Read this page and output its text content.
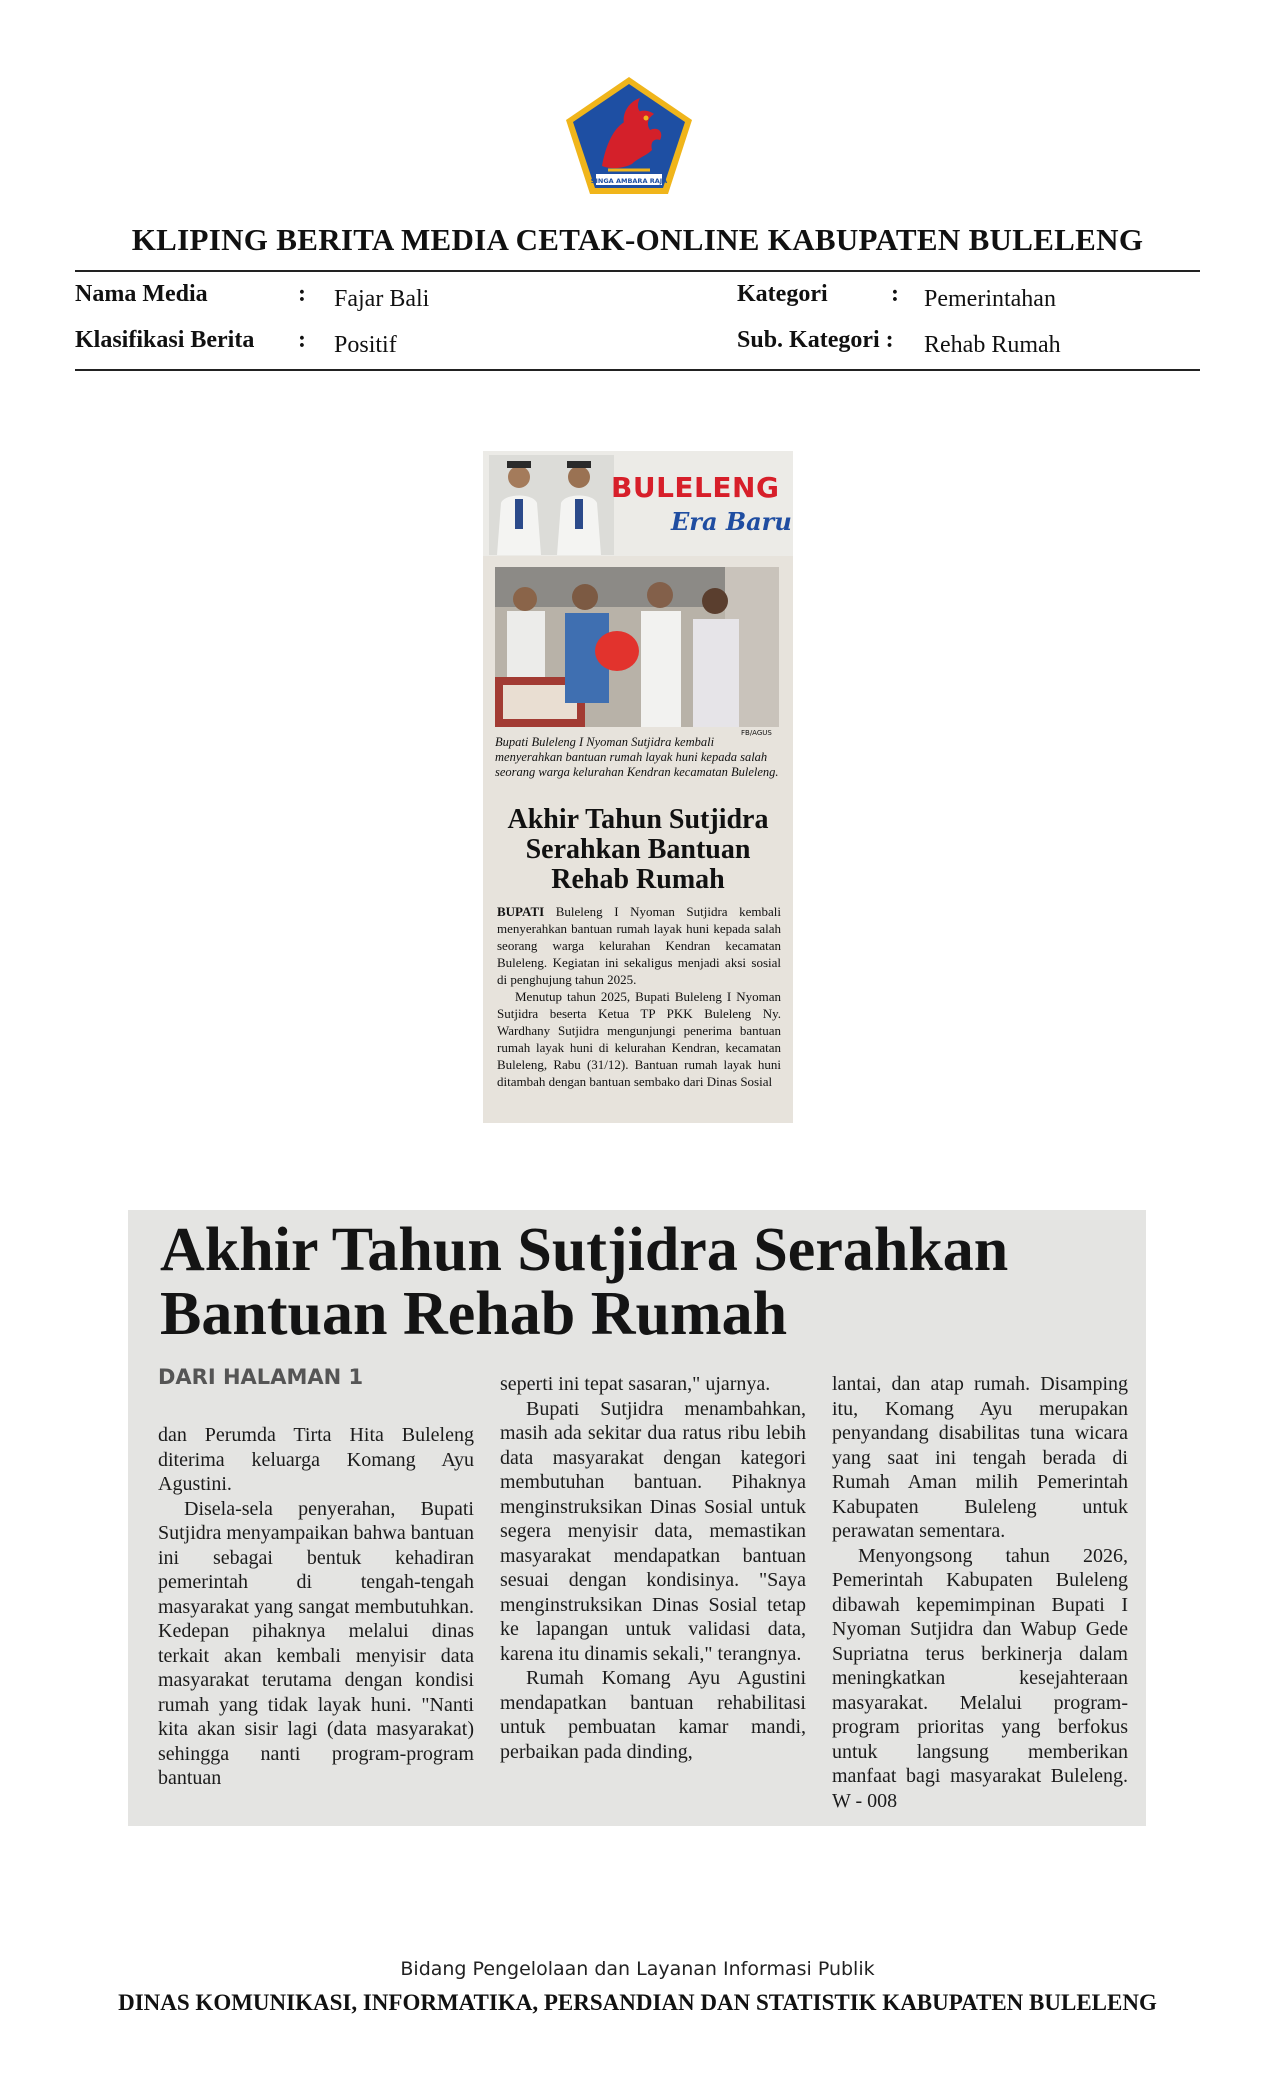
SINGA AMBARA RAJA
KLIPING BERITA MEDIA CETAK-ONLINE KABUPATEN BULELENG
Nama Media	: Fajar Bali
Klasifikasi Berita : Positif
Kategori	: Pemerintahan
Sub. Kategori : Rehab Rumah
BULELENG
Era Baru
FB/AGUS
Bupati Buleleng I Nyoman Sutjidra kembali menyerahkan bantuan rumah layak huni kepada salah seorang warga kelurahan Kendran kecamatan Buleleng.
Akhir Tahun Sutjidra
Serahkan Bantuan
Rehab Rumah

BUPATI Buleleng I Nyoman Sutjidra kembali menyerahkan bantuan rumah layak huni kepada salah seorang warga kelurahan Kendran kecamatan Buleleng. Kegiatan ini sekaligus menjadi aksi sosial di penghujung tahun 2025.

Menutup tahun 2025, Bupati Buleleng I Nyoman Sutjidra beserta Ketua TP PKK Buleleng Ny. Wardhany Sutjidra mengunjungi penerima bantuan rumah layak huni di kelurahan Kendran, kecamatan Buleleng, Rabu (31/12). Bantuan rumah layak huni ditambah dengan bantuan sembako dari Dinas Sosial

Akhir Tahun Sutjidra Serahkan
Bantuan Rehab Rumah
DARI HALAMAN 1

dan Perumda Tirta Hita Buleleng diterima keluarga Komang Ayu Agustini.

Disela-sela penyerahan, Bupati Sutjidra menyampaikan bahwa bantuan ini sebagai bentuk kehadiran pemerintah di tengah-tengah masyarakat yang sangat membutuhkan. Kedepan pihaknya melalui dinas terkait akan kembali menyisir data masyarakat terutama dengan kondisi rumah yang tidak layak huni. "Nanti kita akan sisir lagi (data masyarakat) sehingga nanti program-program bantuan

seperti ini tepat sasaran," ujarnya.

Bupati Sutjidra menambahkan, masih ada sekitar dua ratus ribu lebih data masyarakat dengan kategori membutuhan bantuan. Pihaknya menginstruksikan Dinas Sosial untuk segera menyisir data, memastikan masyarakat mendapatkan bantuan sesuai dengan kondisinya. "Saya menginstruksikan Dinas Sosial tetap ke lapangan untuk validasi data, karena itu dinamis sekali," terangnya.

Rumah Komang Ayu Agustini mendapatkan bantuan rehabilitasi untuk pembuatan kamar mandi, perbaikan pada dinding,

lantai, dan atap rumah. Disamping itu, Komang Ayu merupakan penyandang disabilitas tuna wicara yang saat ini tengah berada di Rumah Aman milih Pemerintah Kabupaten Buleleng untuk perawatan sementara.

Menyongsong tahun 2026, Pemerintah Kabupaten Buleleng dibawah kepemimpinan Bupati I Nyoman Sutjidra dan Wabup Gede Supriatna terus berkinerja dalam meningkatkan kesejahteraan masyarakat. Melalui program-program prioritas yang berfokus untuk langsung memberikan manfaat bagi masyarakat Buleleng. W - 008

Bidang Pengelolaan dan Layanan Informasi Publik
DINAS KOMUNIKASI, INFORMATIKA, PERSANDIAN DAN STATISTIK KABUPATEN BULELENG
